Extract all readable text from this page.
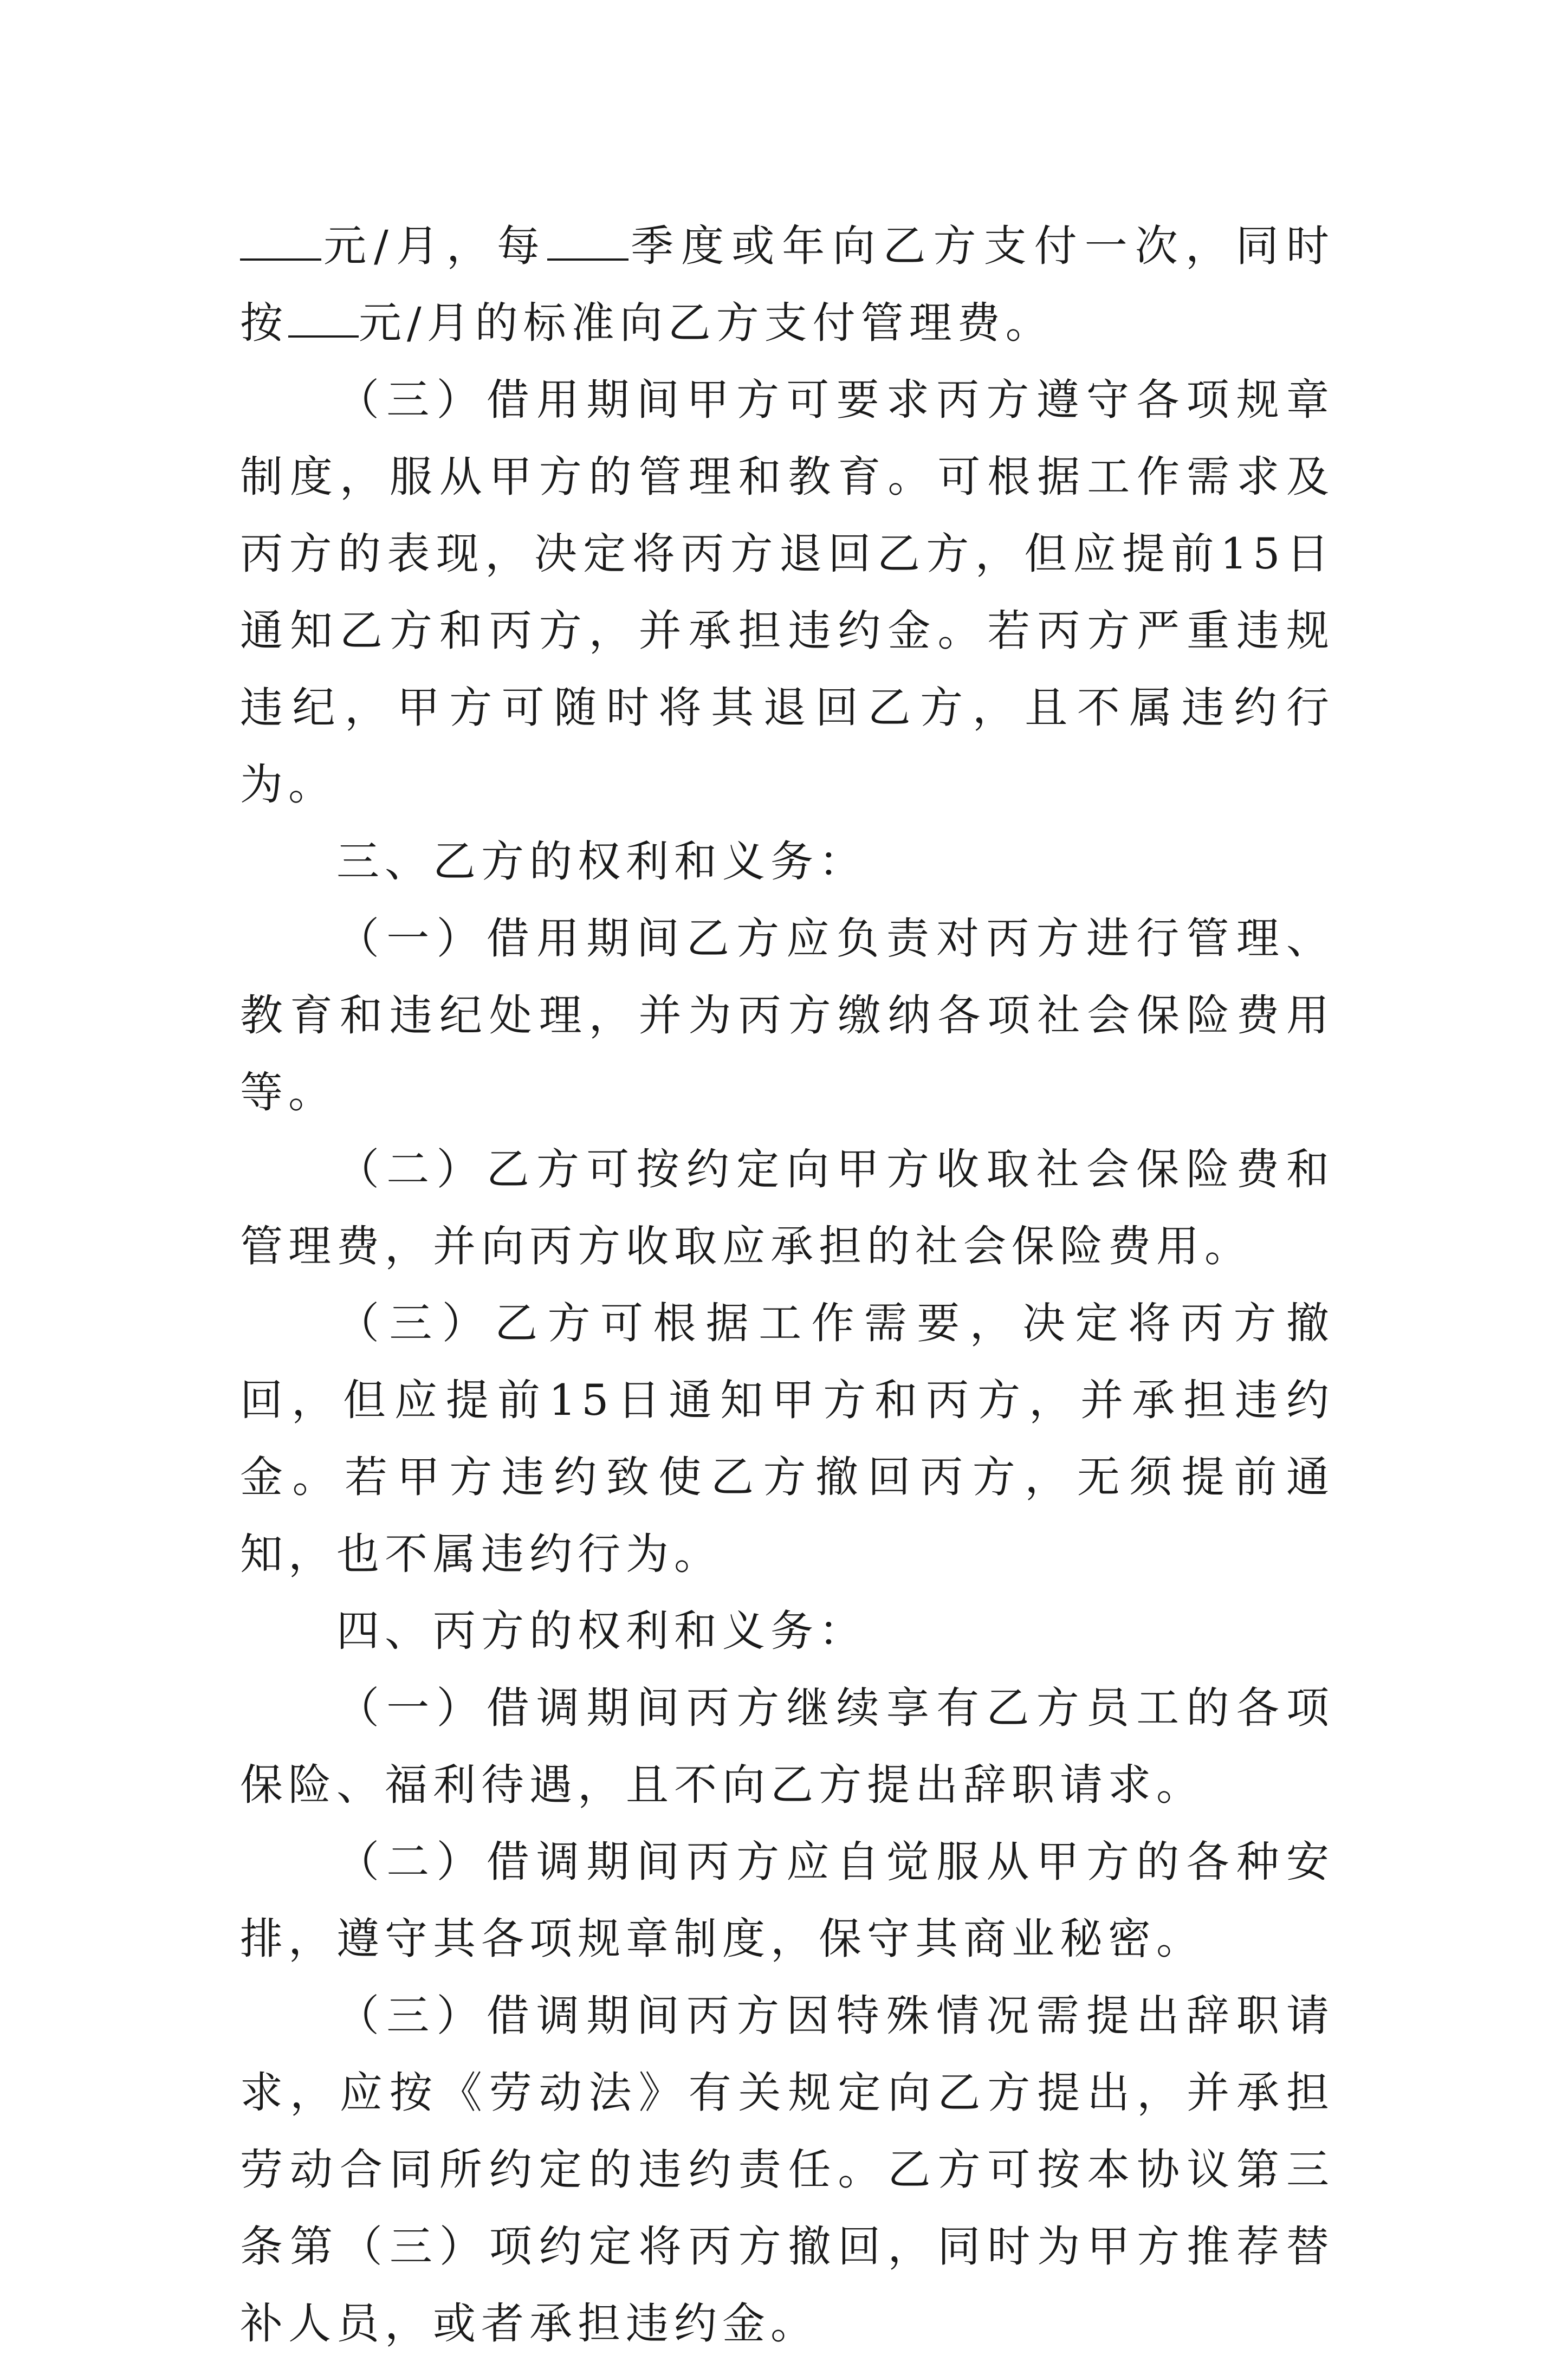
元/月，每 季度或年向乙方支付一次，同时按 元/月的标准向乙方支付管理费。

（三）借用期间甲方可要求丙方遵守各项规章制度，服从甲方的管理和教育。可根据工作需求及丙方的表现，决定将丙方退回乙方，但应提前15日通知乙方和丙方，并承担违约金。若丙方严重违规违纪，甲方可随时将其退回乙方，且不属违约行为。

三、乙方的权利和义务：

（一）借用期间乙方应负责对丙方进行管理、教育和违纪处理，并为丙方缴纳各项社会保险费用等。

（二）乙方可按约定向甲方收取社会保险费和管理费，并向丙方收取应承担的社会保险费用。

（三）乙方可根据工作需要，决定将丙方撤回，但应提前15日通知甲方和丙方，并承担违约金。若甲方违约致使乙方撤回丙方，无须提前通知，也不属违约行为。

四、丙方的权利和义务：

（一）借调期间丙方继续享有乙方员工的各项保险、福利待遇，且不向乙方提出辞职请求。

（二）借调期间丙方应自觉服从甲方的各种安排，遵守其各项规章制度，保守其商业秘密。

（三）借调期间丙方因特殊情况需提出辞职请求，应按《劳动法》有关规定向乙方提出，并承担劳动合同所约定的违约责任。乙方可按本协议第三条第（三）项约定将丙方撤回，同时为甲方推荐替补人员，或者承担违约金。
